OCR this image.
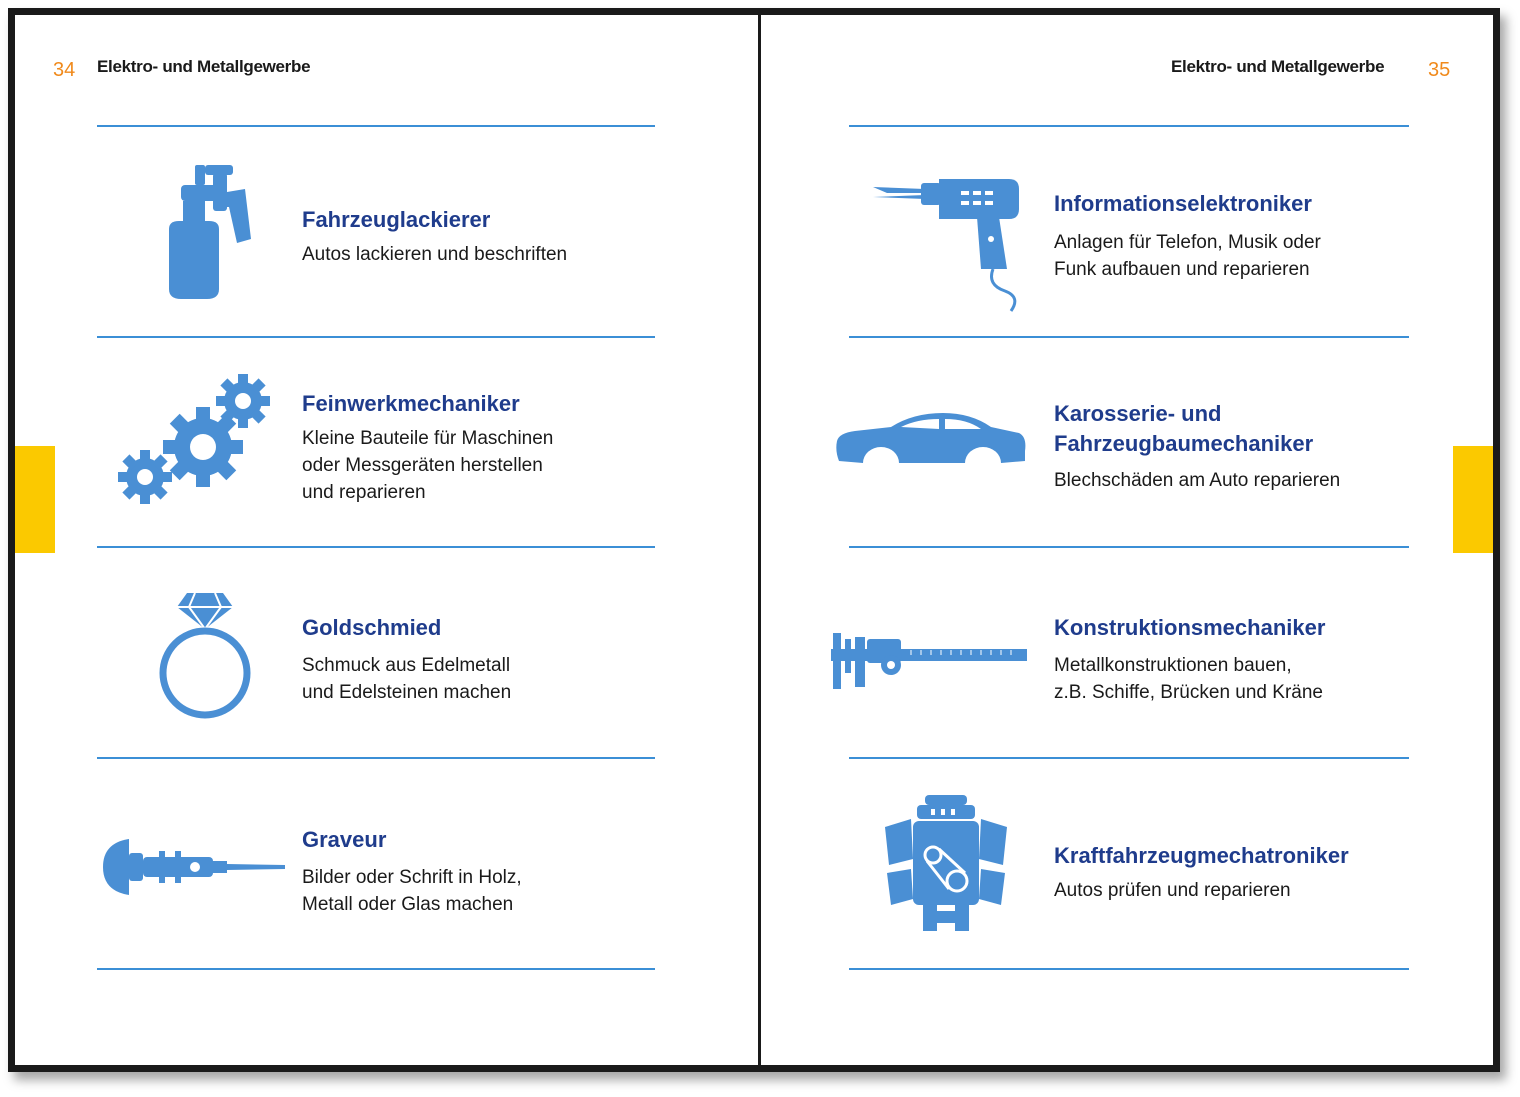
34 Elektro- und Metallgewerbe	Elektro- und Metallgewerbe 35
Fahrzeuglackierer

Autos lackieren und beschriften

Feinwerkmechaniker

Kleine Bauteile für Maschinen
oder Messgeräten herstellen
und reparieren

Goldschmied

Schmuck aus Edelmetall
und Edelsteinen machen

Graveur

Bilder oder Schrift in Holz,
Metall oder Glas machen

Informationselektroniker

Anlagen für Telefon, Musik oder
Funk aufbauen und reparieren

Karosserie- und
Fahrzeugbaumechaniker

Blechschäden am Auto reparieren

Konstruktionsmechaniker

Metallkonstruktionen bauen,
z.B. Schiffe, Brücken und Kräne

Kraftfahrzeugmechatroniker

Autos prüfen und reparieren
